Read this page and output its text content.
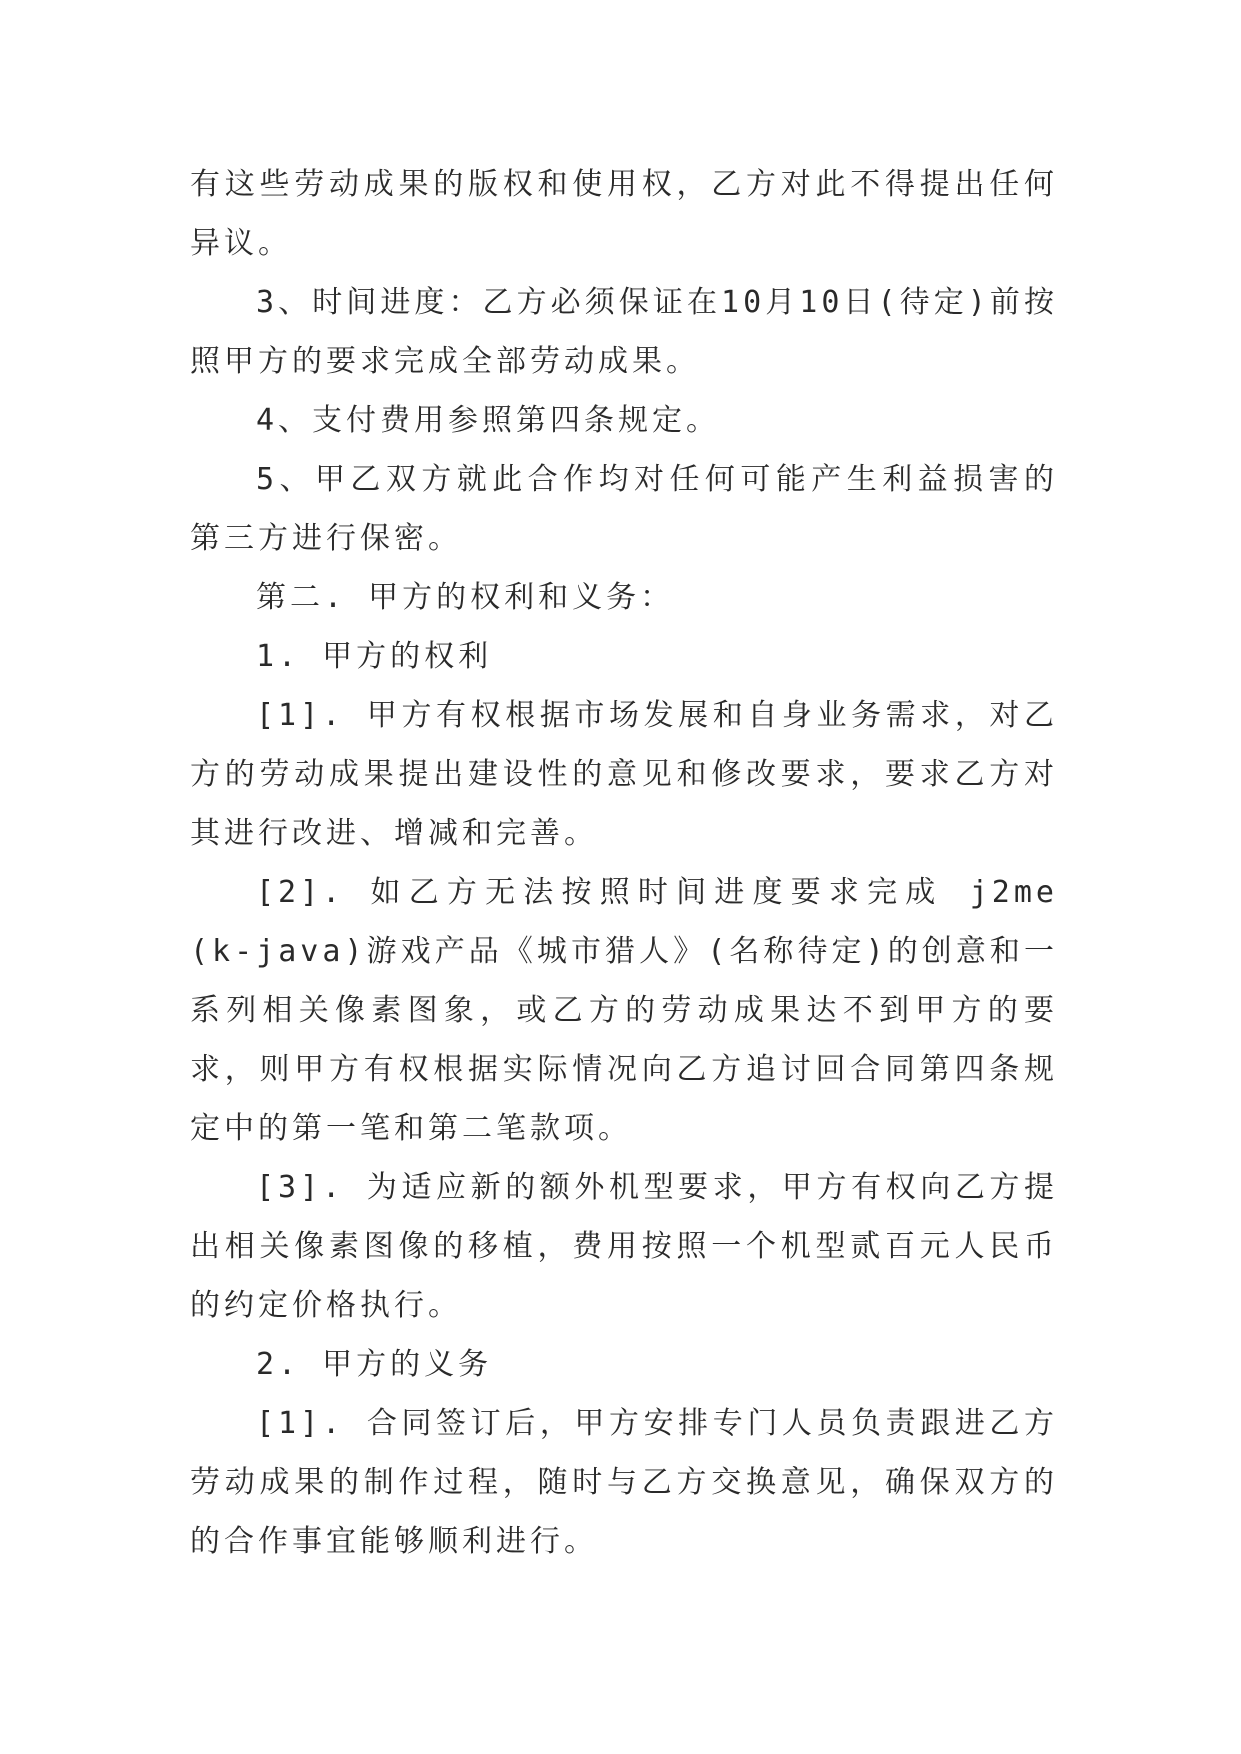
有这些劳动成果的版权和使用权，乙方对此不得提出任何异议。

3、时间进度：乙方必须保证在10月10日(待定)前按照甲方的要求完成全部劳动成果。

4、支付费用参照第四条规定。

5、甲乙双方就此合作均对任何可能产生利益损害的第三方进行保密。

第二. 甲方的权利和义务：

1. 甲方的权利

[1]. 甲方有权根据市场发展和自身业务需求，对乙方的劳动成果提出建设性的意见和修改要求，要求乙方对其进行改进、增减和完善。

[2]. 如乙方无法按照时间进度要求完成 j2me (k-java)游戏产品《城市猎人》(名称待定)的创意和一系列相关像素图象，或乙方的劳动成果达不到甲方的要求，则甲方有权根据实际情况向乙方追讨回合同第四条规定中的第一笔和第二笔款项。

[3]. 为适应新的额外机型要求，甲方有权向乙方提出相关像素图像的移植，费用按照一个机型贰百元人民币的约定价格执行。

2. 甲方的义务

[1]. 合同签订后，甲方安排专门人员负责跟进乙方劳动成果的制作过程，随时与乙方交换意见，确保双方的的合作事宜能够顺利进行。
